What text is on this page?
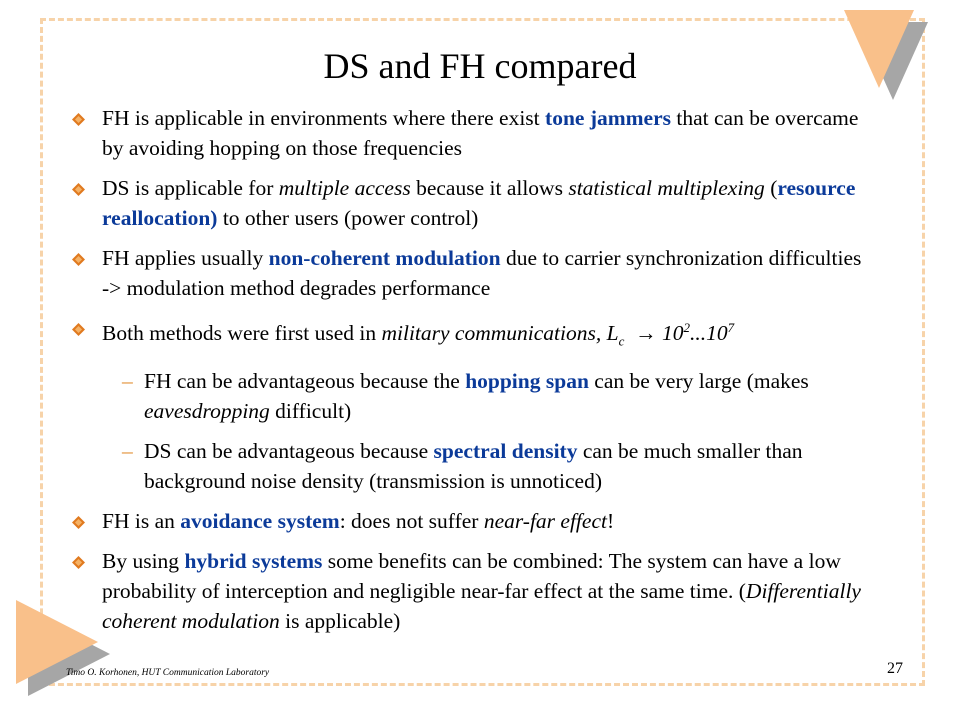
DS and FH compared
FH is applicable in environments where there exist tone jammers that can be overcame by avoiding hopping on those frequencies
DS is applicable for multiple access because it allows statistical multiplexing (resource reallocation) to other users (power control)
FH applies usually non-coherent modulation due to carrier synchronization difficulties -> modulation method degrades performance
Both methods were first used in military communications, $L_c \to 10^2...10^7$
– FH can be advantageous because the hopping span can be very large (makes eavesdropping difficult)
– DS can be advantageous because spectral density can be much smaller than background noise density (transmission is unnoticed)
FH is an avoidance system: does not suffer near-far effect!
By using hybrid systems some benefits can be combined: The system can have a low probability of interception and negligible near-far effect at the same time. (Differentially coherent modulation is applicable)
Timo O. Korhonen, HUT Communication Laboratory	27
